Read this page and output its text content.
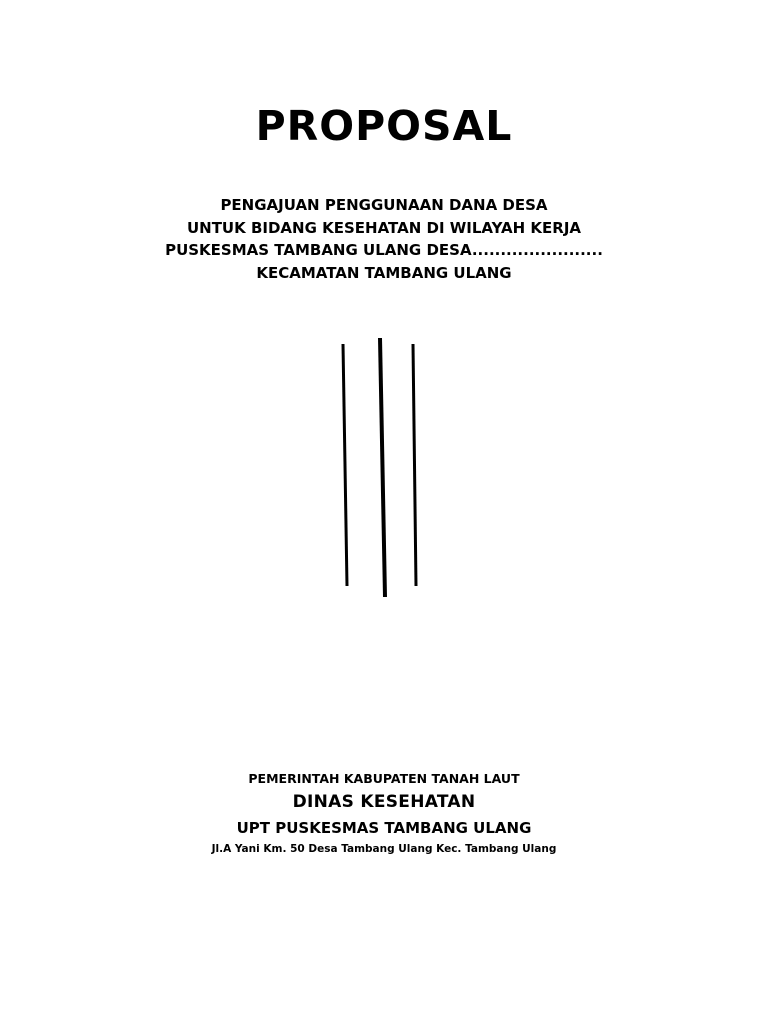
PROPOSAL
PENGAJUAN PENGGUNAAN DANA DESA
UNTUK BIDANG KESEHATAN DI WILAYAH KERJA
PUSKESMAS TAMBANG ULANG DESA.......................
KECAMATAN TAMBANG ULANG
PEMERINTAH KABUPATEN TANAH LAUT
DINAS KESEHATAN
UPT PUSKESMAS TAMBANG ULANG
Jl.A Yani Km. 50 Desa Tambang Ulang Kec. Tambang Ulang
